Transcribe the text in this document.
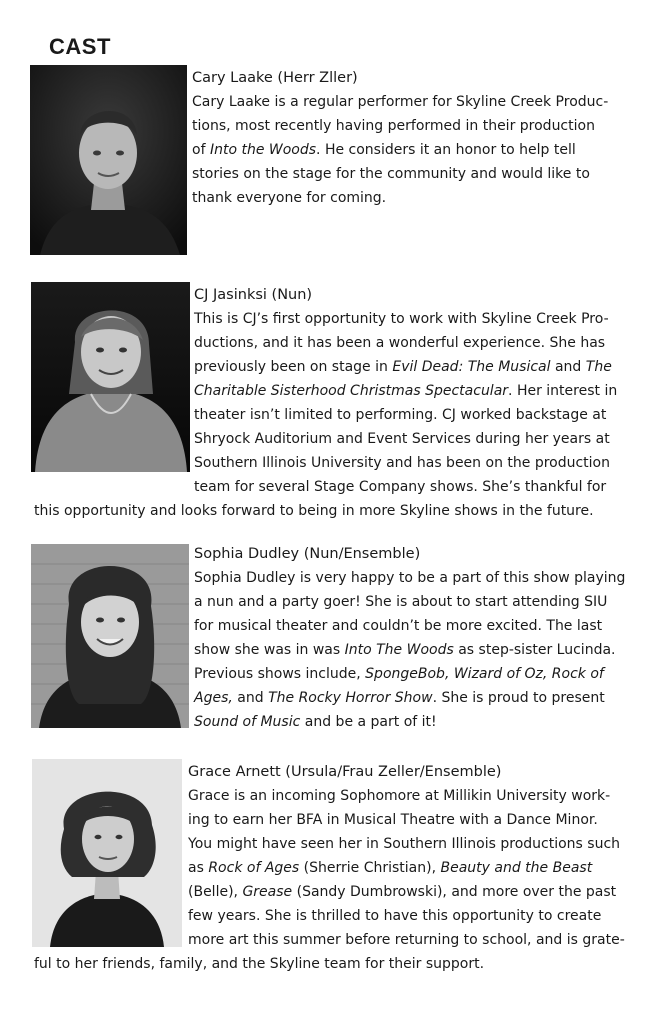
CAST
Cary Laake (Herr Zller)
Cary Laake is a regular performer for Skyline Creek Produc-
tions, most recently having performed in their production
of Into the Woods. He considers it an honor to help tell
stories on the stage for the community and would like to
thank everyone for coming.
CJ Jasinksi (Nun)
This is CJ’s first opportunity to work with Skyline Creek Pro-
ductions, and it has been a wonderful experience. She has
previously been on stage in Evil Dead: The Musical and The
Charitable Sisterhood Christmas Spectacular. Her interest in
theater isn’t limited to performing. CJ worked backstage at
Shryock Auditorium and Event Services during her years at
Southern Illinois University and has been on the production
team for several Stage Company shows. She’s thankful for
this opportunity and looks forward to being in more Skyline shows in the future.
Sophia Dudley (Nun/Ensemble)
Sophia Dudley is very happy to be a part of this show playing
a nun and a party goer! She is about to start attending SIU
for musical theater and couldn’t be more excited. The last
show she was in was Into The Woods as step-sister Lucinda.
Previous shows include, SpongeBob, Wizard of Oz, Rock of
Ages, and The Rocky Horror Show. She is proud to present
Sound of Music and be a part of it!
Grace Arnett (Ursula/Frau Zeller/Ensemble)
Grace is an incoming Sophomore at Millikin University work-
ing to earn her BFA in Musical Theatre with a Dance Minor.
You might have seen her in Southern Illinois productions such
as Rock of Ages (Sherrie Christian), Beauty and the Beast
(Belle), Grease (Sandy Dumbrowski), and more over the past
few years. She is thrilled to have this opportunity to create
more art this summer before returning to school, and is grate-
ful to her friends, family, and the Skyline team for their support.
